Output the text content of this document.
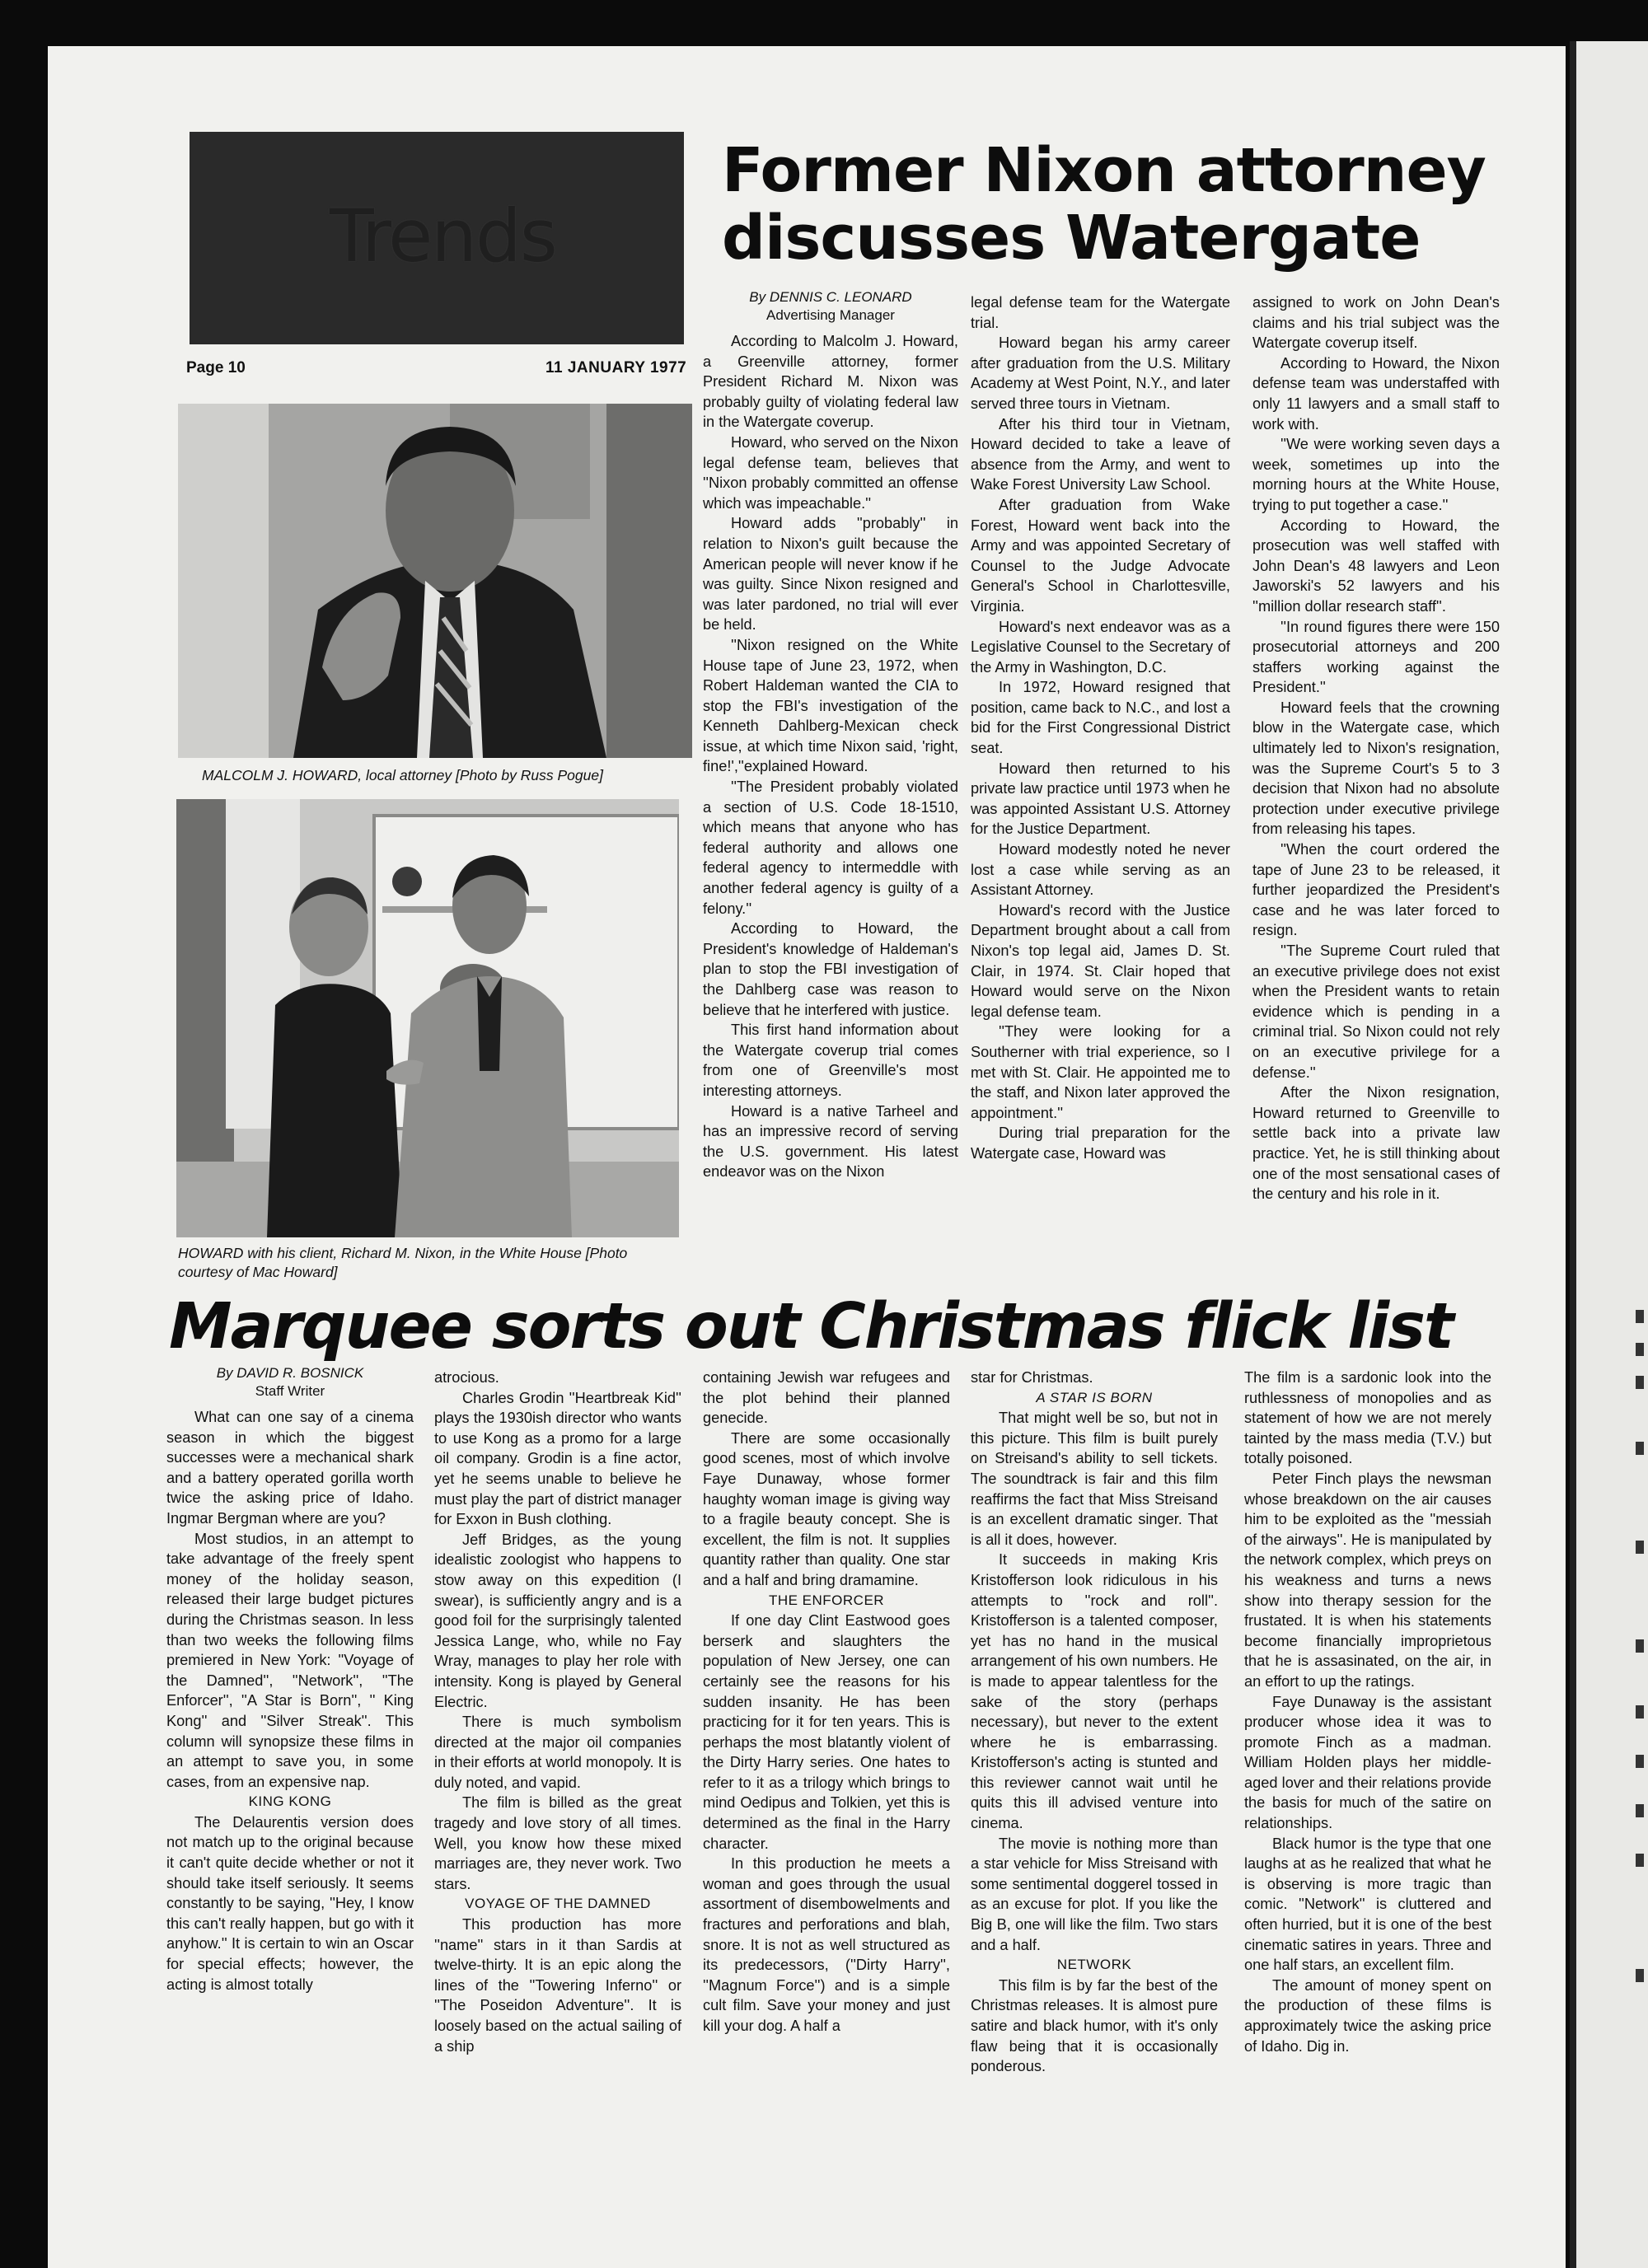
Trends
Page 10	11 JANUARY 1977
Former Nixon attorney discusses Watergate
MALCOLM J. HOWARD, local attorney [Photo by Russ Pogue]
HOWARD with his client, Richard M. Nixon, in the White House [Photo courtesy of Mac Howard]
By DENNIS C. LEONARD
Advertising Manager

According to Malcolm J. Howard, a Greenville attorney, former President Richard M. Nixon was probably guilty of violating federal law in the Watergate coverup.

Howard, who served on the Nixon legal defense team, believes that ''Nixon probably committed an offense which was impeachable.''

Howard adds ''probably'' in relation to Nixon's guilt because the American people will never know if he was guilty. Since Nixon resigned and was later pardoned, no trial will ever be held.

''Nixon resigned on the White House tape of June 23, 1972, when Robert Haldeman wanted the CIA to stop the FBI's investigation of the Kenneth Dahlberg-Mexican check issue, at which time Nixon said, 'right, fine!',''explained Howard.

''The President probably violated a section of U.S. Code 18-1510, which means that anyone who has federal authority and allows one federal agency to intermeddle with another federal agency is guilty of a felony.''

According to Howard, the President's knowledge of Haldeman's plan to stop the FBI investigation of the Dahlberg case was reason to believe that he interfered with justice.

This first hand information about the Watergate coverup trial comes from one of Greenville's most interesting attorneys.

Howard is a native Tarheel and has an impressive record of serving the U.S. government. His latest endeavor was on the Nixon

legal defense team for the Watergate trial.

Howard began his army career after graduation from the U.S. Military Academy at West Point, N.Y., and later served three tours in Vietnam.

After his third tour in Vietnam, Howard decided to take a leave of absence from the Army, and went to Wake Forest University Law School.

After graduation from Wake Forest, Howard went back into the Army and was appointed Secretary of Counsel to the Judge Advocate General's School in Charlottesville, Virginia.

Howard's next endeavor was as a Legislative Counsel to the Secretary of the Army in Washington, D.C.

In 1972, Howard resigned that position, came back to N.C., and lost a bid for the First Congressional District seat.

Howard then returned to his private law practice until 1973 when he was appointed Assistant U.S. Attorney for the Justice Department.

Howard modestly noted he never lost a case while serving as an Assistant Attorney.

Howard's record with the Justice Department brought about a call from Nixon's top legal aid, James D. St. Clair, in 1974. St. Clair hoped that Howard would serve on the Nixon legal defense team.

''They were looking for a Southerner with trial experience, so I met with St. Clair. He appointed me to the staff, and Nixon later approved the appointment.''

During trial preparation for the Watergate case, Howard was

assigned to work on John Dean's claims and his trial subject was the Watergate coverup itself.

According to Howard, the Nixon defense team was understaffed with only 11 lawyers and a small staff to work with.

''We were working seven days a week, sometimes up into the morning hours at the White House, trying to put together a case.''

According to Howard, the prosecution was well staffed with John Dean's 48 lawyers and Leon Jaworski's 52 lawyers and his ''million dollar research staff''.

''In round figures there were 150 prosecutorial attorneys and 200 staffers working against the President.''

Howard feels that the crowning blow in the Watergate case, which ultimately led to Nixon's resignation, was the Supreme Court's 5 to 3 decision that Nixon had no absolute protection under executive privilege from releasing his tapes.

''When the court ordered the tape of June 23 to be released, it further jeopardized the President's case and he was later forced to resign.

''The Supreme Court ruled that an executive privilege does not exist when the President wants to retain evidence which is pending in a criminal trial. So Nixon could not rely on an executive privilege for a defense.''

After the Nixon resignation, Howard returned to Greenville to settle back into a private law practice. Yet, he is still thinking about one of the most sensational cases of the century and his role in it.

Marquee sorts out Christmas flick list
By DAVID R. BOSNICK
Staff Writer

What can one say of a cinema season in which the biggest successes were a mechanical shark and a battery operated gorilla worth twice the asking price of Idaho. Ingmar Bergman where are you?

Most studios, in an attempt to take advantage of the freely spent money of the holiday season, released their large budget pictures during the Christmas season. In less than two weeks the following films premiered in New York: ''Voyage of the Damned'', ''Network'', ''The Enforcer'', ''A Star is Born'', '' King Kong'' and ''Silver Streak''. This column will synopsize these films in an attempt to save you, in some cases, from an expensive nap.

KING KONG

The Delaurentis version does not match up to the original because it can't quite decide whether or not it should take itself seriously. It seems constantly to be saying, ''Hey, I know this can't really happen, but go with it anyhow.'' It is certain to win an Oscar for special effects; however, the acting is almost totally

atrocious.

Charles Grodin ''Heartbreak Kid'' plays the 1930ish director who wants to use Kong as a promo for a large oil company. Grodin is a fine actor, yet he seems unable to believe he must play the part of district manager for Exxon in Bush clothing.

Jeff Bridges, as the young idealistic zoologist who happens to stow away on this expedition (I swear), is sufficiently angry and is a good foil for the surprisingly talented Jessica Lange, who, while no Fay Wray, manages to play her role with intensity. Kong is played by General Electric.

There is much symbolism directed at the major oil companies in their efforts at world monopoly. It is duly noted, and vapid.

The film is billed as the great tragedy and love story of all times. Well, you know how these mixed marriages are, they never work. Two stars.

VOYAGE OF THE DAMNED

This production has more ''name'' stars in it than Sardis at twelve-thirty. It is an epic along the lines of the ''Towering Inferno'' or ''The Poseidon Adventure''. It is loosely based on the actual sailing of a ship

containing Jewish war refugees and the plot behind their planned genecide.

There are some occasionally good scenes, most of which involve Faye Dunaway, whose former haughty woman image is giving way to a fragile beauty concept. She is excellent, the film is not. It supplies quantity rather than quality. One star and a half and bring dramamine.

THE ENFORCER

If one day Clint Eastwood goes berserk and slaughters the population of New Jersey, one can certainly see the reasons for his sudden insanity. He has been practicing for it for ten years. This is perhaps the most blatantly violent of the Dirty Harry series. One hates to refer to it as a trilogy which brings to mind Oedipus and Tolkien, yet this is determined as the final in the Harry character.

In this production he meets a woman and goes through the usual assortment of disembowelments and fractures and perforations and blah, snore. It is not as well structured as its predecessors, (''Dirty Harry'', ''Magnum Force'') and is a simple cult film. Save your money and just kill your dog. A half a

star for Christmas.

A STAR IS BORN

That might well be so, but not in this picture. This film is built purely on Streisand's ability to sell tickets. The soundtrack is fair and this film reaffirms the fact that Miss Streisand is an excellent dramatic singer. That is all it does, however.

It succeeds in making Kris Kristofferson look ridiculous in his attempts to ''rock and roll''. Kristofferson is a talented composer, yet has no hand in the musical arrangement of his own numbers. He is made to appear talentless for the sake of the story (perhaps necessary), but never to the extent where he is embarrassing. Kristofferson's acting is stunted and this reviewer cannot wait until he quits this ill advised venture into cinema.

The movie is nothing more than a star vehicle for Miss Streisand with some sentimental doggerel tossed in as an excuse for plot. If you like the Big B, one will like the film. Two stars and a half.

NETWORK

This film is by far the best of the Christmas releases. It is almost pure satire and black humor, with it's only flaw being that it is occasionally ponderous.

The film is a sardonic look into the ruthlessness of monopolies and as statement of how we are not merely tainted by the mass media (T.V.) but totally poisoned.

Peter Finch plays the newsman whose breakdown on the air causes him to be exploited as the ''messiah of the airways''. He is manipulated by the network complex, which preys on his weakness and turns a news show into therapy session for the frustated. It is when his statements become financially improprietous that he is assasinated, on the air, in an effort to up the ratings.

Faye Dunaway is the assistant producer whose idea it was to promote Finch as a madman. William Holden plays her middle-aged lover and their relations provide the basis for much of the satire on relationships.

Black humor is the type that one laughs at as he realized that what he is observing is more tragic than comic. ''Network'' is cluttered and often hurried, but it is one of the best cinematic satires in years. Three and one half stars, an excellent film.

The amount of money spent on the production of these films is approximately twice the asking price of Idaho. Dig in.
